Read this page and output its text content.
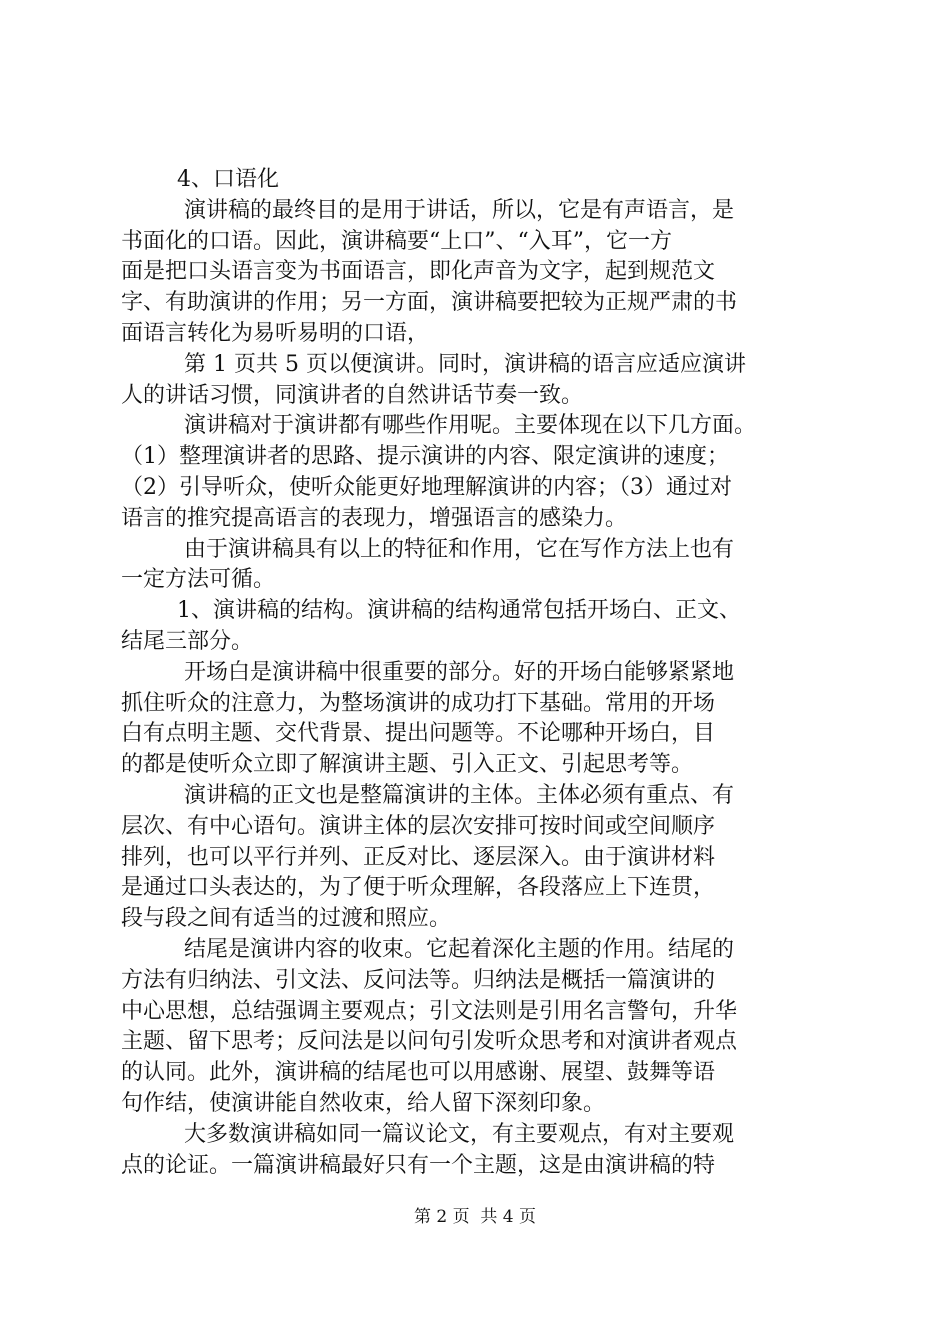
4、口语化
演讲稿的最终目的是用于讲话，所以，它是有声语言，是
书面化的口语。因此，演讲稿要“上口”、“入耳”，它一方
面是把口头语言变为书面语言，即化声音为文字，起到规范文
字、有助演讲的作用；另一方面，演讲稿要把较为正规严肃的书
面语言转化为易听易明的口语，
第 1 页共 5 页以便演讲。同时，演讲稿的语言应适应演讲
人的讲话习惯，同演讲者的自然讲话节奏一致。
演讲稿对于演讲都有哪些作用呢。主要体现在以下几方面。
（1）整理演讲者的思路、提示演讲的内容、限定演讲的速度；
（2）引导听众，使听众能更好地理解演讲的内容；（3）通过对
语言的推究提高语言的表现力，增强语言的感染力。
由于演讲稿具有以上的特征和作用，它在写作方法上也有
一定方法可循。
1、演讲稿的结构。演讲稿的结构通常包括开场白、正文、
结尾三部分。
开场白是演讲稿中很重要的部分。好的开场白能够紧紧地
抓住听众的注意力，为整场演讲的成功打下基础。常用的开场
白有点明主题、交代背景、提出问题等。不论哪种开场白，目
的都是使听众立即了解演讲主题、引入正文、引起思考等。
演讲稿的正文也是整篇演讲的主体。主体必须有重点、有
层次、有中心语句。演讲主体的层次安排可按时间或空间顺序
排列，也可以平行并列、正反对比、逐层深入。由于演讲材料
是通过口头表达的，为了便于听众理解，各段落应上下连贯，
段与段之间有适当的过渡和照应。
结尾是演讲内容的收束。它起着深化主题的作用。结尾的
方法有归纳法、引文法、反问法等。归纳法是概括一篇演讲的
中心思想，总结强调主要观点；引文法则是引用名言警句，升华
主题、留下思考；反问法是以问句引发听众思考和对演讲者观点
的认同。此外，演讲稿的结尾也可以用感谢、展望、鼓舞等语
句作结，使演讲能自然收束，给人留下深刻印象。
大多数演讲稿如同一篇议论文，有主要观点，有对主要观
点的论证。一篇演讲稿最好只有一个主题，这是由演讲稿的特
第 2 页  共 4 页
